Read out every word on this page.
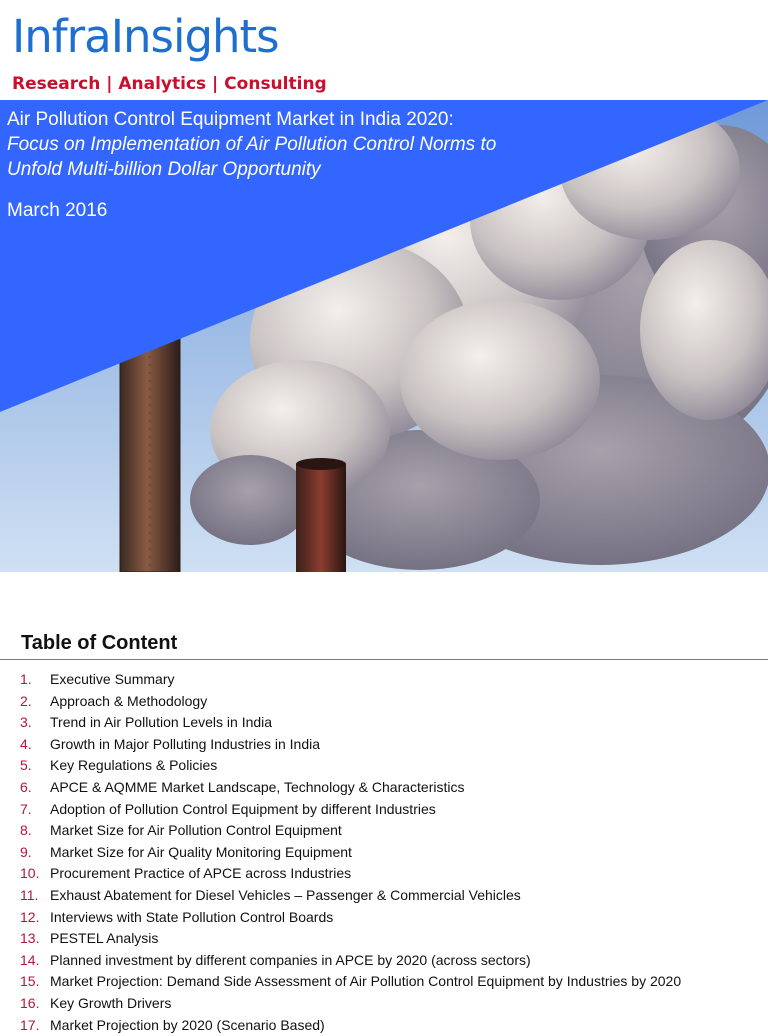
InfraInsights
Research | Analytics | Consulting
Air Pollution Control Equipment Market in India 2020:
Focus on Implementation of Air Pollution Control Norms to
Unfold Multi-billion Dollar Opportunity
March 2016
Table of Content
1. Executive Summary
2. Approach & Methodology
3. Trend in Air Pollution Levels in India
4. Growth in Major Polluting Industries in India
5. Key Regulations & Policies
6. APCE & AQMME Market Landscape, Technology & Characteristics
7. Adoption of Pollution Control Equipment by different Industries
8. Market Size for Air Pollution Control Equipment
9. Market Size for Air Quality Monitoring Equipment
10. Procurement Practice of APCE across Industries
11. Exhaust Abatement for Diesel Vehicles – Passenger & Commercial Vehicles
12. Interviews with State Pollution Control Boards
13. PESTEL Analysis
14. Planned investment by different companies in APCE by 2020 (across sectors)
15. Market Projection: Demand Side Assessment of Air Pollution Control Equipment by Industries by 2020
16. Key Growth Drivers
17. Market Projection by 2020 (Scenario Based)
